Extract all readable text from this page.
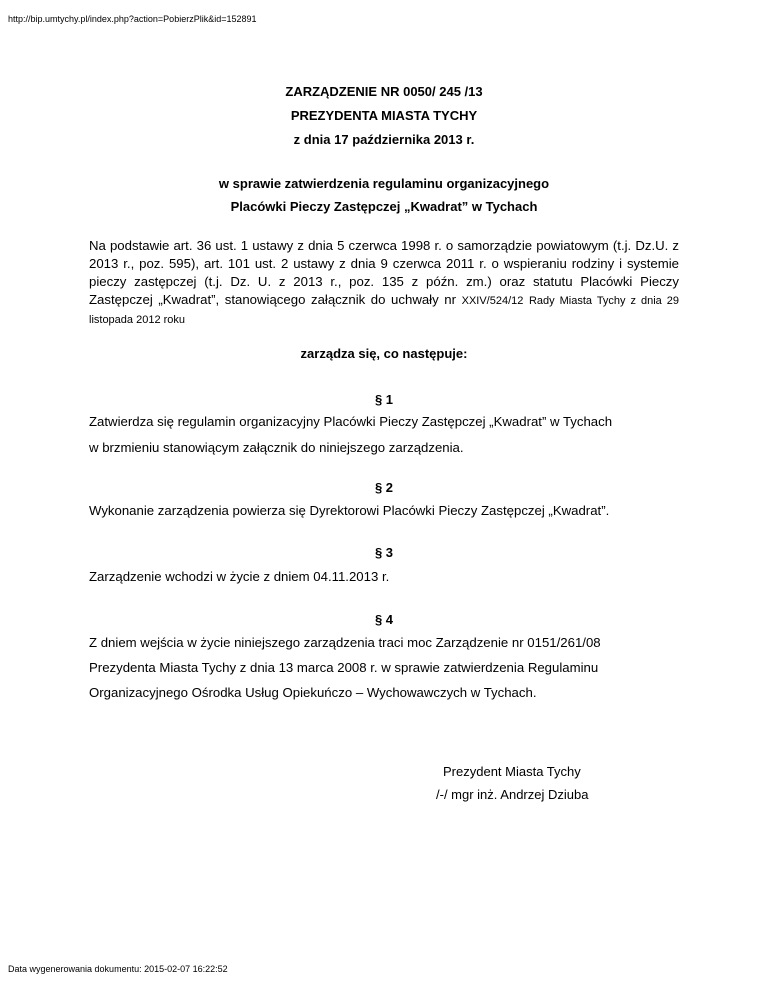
http://bip.umtychy.pl/index.php?action=PobierzPlik&id=152891
ZARZĄDZENIE NR 0050/ 245 /13
PREZYDENTA MIASTA TYCHY
z dnia 17 października 2013 r.
w sprawie zatwierdzenia regulaminu organizacyjnego
Placówki Pieczy Zastępczej „Kwadrat” w Tychach
Na podstawie art. 36 ust. 1 ustawy z dnia 5 czerwca 1998 r. o samorządzie powiatowym (t.j. Dz.U. z 2013 r., poz. 595), art. 101 ust. 2 ustawy z dnia 9 czerwca 2011 r. o wspieraniu rodziny i systemie pieczy zastępczej (t.j. Dz. U. z 2013 r., poz. 135 z późn. zm.) oraz statutu Placówki Pieczy Zastępczej „Kwadrat”, stanowiącego załącznik do uchwały nr XXIV/524/12 Rady Miasta Tychy z dnia 29 listopada 2012 roku
zarządza się, co następuje:
§ 1
Zatwierdza się regulamin organizacyjny Placówki Pieczy Zastępczej „Kwadrat” w Tychach
w brzmieniu stanowiącym załącznik do niniejszego zarządzenia.
§ 2
Wykonanie zarządzenia powierza się Dyrektorowi Placówki Pieczy Zastępczej „Kwadrat”.
§ 3
Zarządzenie wchodzi w życie z dniem 04.11.2013 r.
§ 4
Z dniem wejścia w życie niniejszego zarządzenia traci moc Zarządzenie nr 0151/261/08
Prezydenta Miasta Tychy z dnia 13 marca 2008 r. w sprawie zatwierdzenia Regulaminu
Organizacyjnego Ośrodka Usług Opiekuńczo – Wychowawczych w Tychach.
Prezydent Miasta Tychy
/-/ mgr inż. Andrzej Dziuba
Data wygenerowania dokumentu: 2015-02-07 16:22:52
